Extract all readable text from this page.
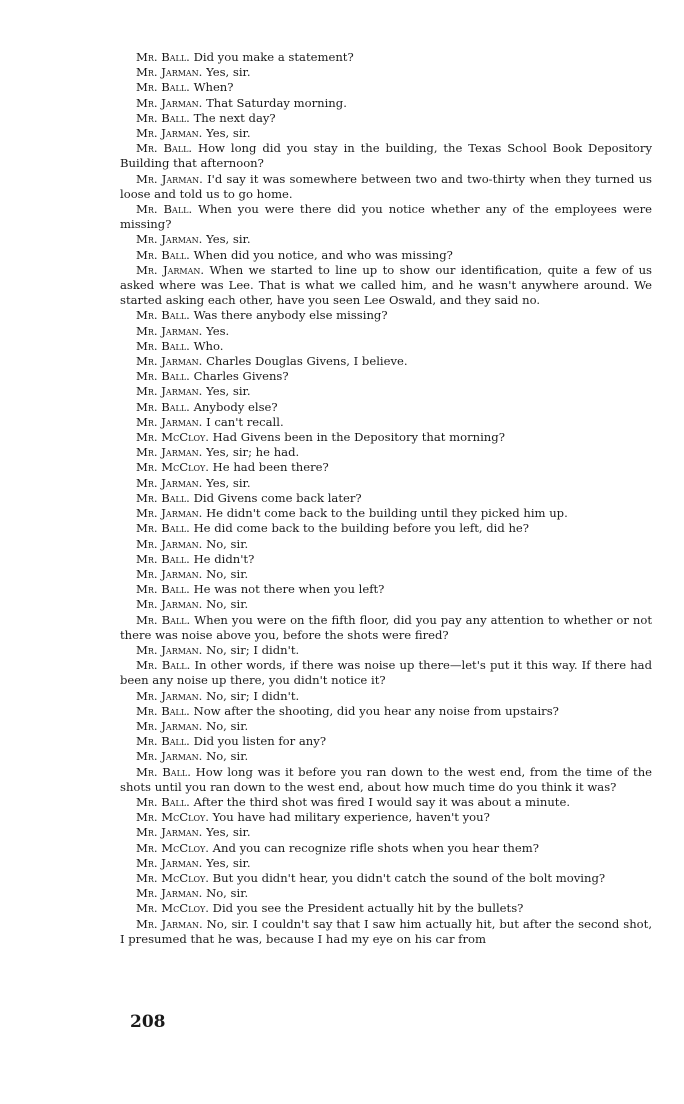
Mr. Ball. Did you make a statement?

Mr. Jarman. Yes, sir.

Mr. Ball. When?

Mr. Jarman. That Saturday morning.

Mr. Ball. The next day?

Mr. Jarman. Yes, sir.

Mr. Ball. How long did you stay in the building, the Texas School Book Depository Building that afternoon?

Mr. Jarman. I'd say it was somewhere between two and two-thirty when they turned us loose and told us to go home.

Mr. Ball. When you were there did you notice whether any of the employees were missing?

Mr. Jarman. Yes, sir.

Mr. Ball. When did you notice, and who was missing?

Mr. Jarman. When we started to line up to show our identification, quite a few of us asked where was Lee. That is what we called him, and he wasn't anywhere around. We started asking each other, have you seen Lee Oswald, and they said no.

Mr. Ball. Was there anybody else missing?

Mr. Jarman. Yes.

Mr. Ball. Who.

Mr. Jarman. Charles Douglas Givens, I believe.

Mr. Ball. Charles Givens?

Mr. Jarman. Yes, sir.

Mr. Ball. Anybody else?

Mr. Jarman. I can't recall.

Mr. McCloy. Had Givens been in the Depository that morning?

Mr. Jarman. Yes, sir; he had.

Mr. McCloy. He had been there?

Mr. Jarman. Yes, sir.

Mr. Ball. Did Givens come back later?

Mr. Jarman. He didn't come back to the building until they picked him up.

Mr. Ball. He did come back to the building before you left, did he?

Mr. Jarman. No, sir.

Mr. Ball. He didn't?

Mr. Jarman. No, sir.

Mr. Ball. He was not there when you left?

Mr. Jarman. No, sir.

Mr. Ball. When you were on the fifth floor, did you pay any attention to whether or not there was noise above you, before the shots were fired?

Mr. Jarman. No, sir; I didn't.

Mr. Ball. In other words, if there was noise up there—let's put it this way. If there had been any noise up there, you didn't notice it?

Mr. Jarman. No, sir; I didn't.

Mr. Ball. Now after the shooting, did you hear any noise from upstairs?

Mr. Jarman. No, sir.

Mr. Ball. Did you listen for any?

Mr. Jarman. No, sir.

Mr. Ball. How long was it before you ran down to the west end, from the time of the shots until you ran down to the west end, about how much time do you think it was?

Mr. Ball. After the third shot was fired I would say it was about a minute.

Mr. McCloy. You have had military experience, haven't you?

Mr. Jarman. Yes, sir.

Mr. McCloy. And you can recognize rifle shots when you hear them?

Mr. Jarman. Yes, sir.

Mr. McCloy. But you didn't hear, you didn't catch the sound of the bolt moving?

Mr. Jarman. No, sir.

Mr. McCloy. Did you see the President actually hit by the bullets?

Mr. Jarman. No, sir. I couldn't say that I saw him actually hit, but after the second shot, I presumed that he was, because I had my eye on his car from

208
